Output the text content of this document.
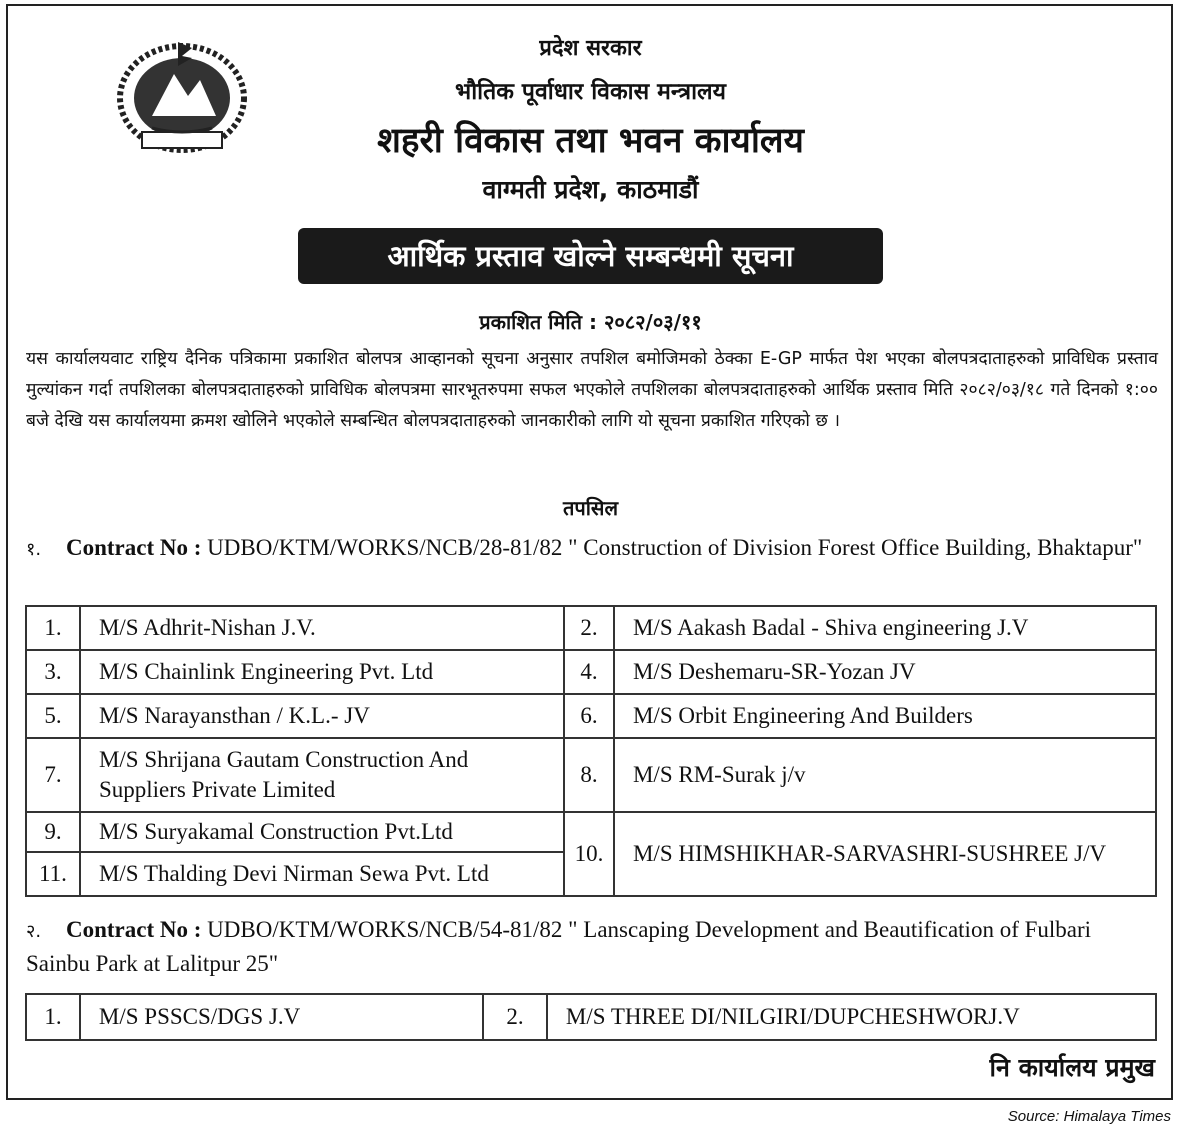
प्रदेश सरकार
भौतिक पूर्वाधार विकास मन्त्रालय
शहरी विकास तथा भवन कार्यालय
वाग्मती प्रदेश, काठमाडौं
आर्थिक प्रस्ताव खोल्ने सम्बन्धमी सूचना
प्रकाशित मिति : २०८२/०३/११
यस कार्यालयवाट राष्ट्रिय दैनिक पत्रिकामा प्रकाशित बोलपत्र आव्हानको सूचना अनुसार तपशिल बमोजिमको ठेक्का E-GP मार्फत पेश भएका बोलपत्रदाताहरुको प्राविधिक प्रस्ताव मुल्यांकन गर्दा तपशिलका बोलपत्रदाताहरुको प्राविधिक बोलपत्रमा सारभूतरुपमा सफल भएकोले तपशिलका बोलपत्रदाताहरुको आर्थिक प्रस्ताव मिति २०८२/०३/१८ गते दिनको १:०० बजे देखि यस कार्यालयमा क्रमश खोलिने भएकोले सम्बन्धित बोलपत्रदाताहरुको जानकारीको लागि यो सूचना प्रकाशित गरिएको छ ।
तपसिल
१. Contract No : UDBO/KTM/WORKS/NCB/28-81/82 " Construction of Division Forest Office Building, Bhaktapur"
1.	M/S Adhrit-Nishan J.V.	2.	M/S Aakash Badal - Shiva engineering J.V
3.	M/S Chainlink Engineering Pvt. Ltd	4.	M/S Deshemaru-SR-Yozan JV
5.	M/S Narayansthan / K.L.- JV	6.	M/S Orbit Engineering And Builders
7.	M/S Shrijana Gautam Construction And Suppliers Private Limited	8.	M/S RM-Surak j/v
9.	M/S Suryakamal Construction Pvt.Ltd	10.	M/S HIMSHIKHAR-SARVASHRI-SUSHREE J/V
11.	M/S Thalding Devi Nirman Sewa Pvt. Ltd		
२. Contract No : UDBO/KTM/WORKS/NCB/54-81/82 " Lanscaping Development and Beautification of Fulbari Sainbu Park at Lalitpur 25"
1.	M/S PSSCS/DGS J.V	2.	M/S THREE DI/NILGIRI/DUPCHESHWORJ.V
नि कार्यालय प्रमुख
Source: Himalaya Times
